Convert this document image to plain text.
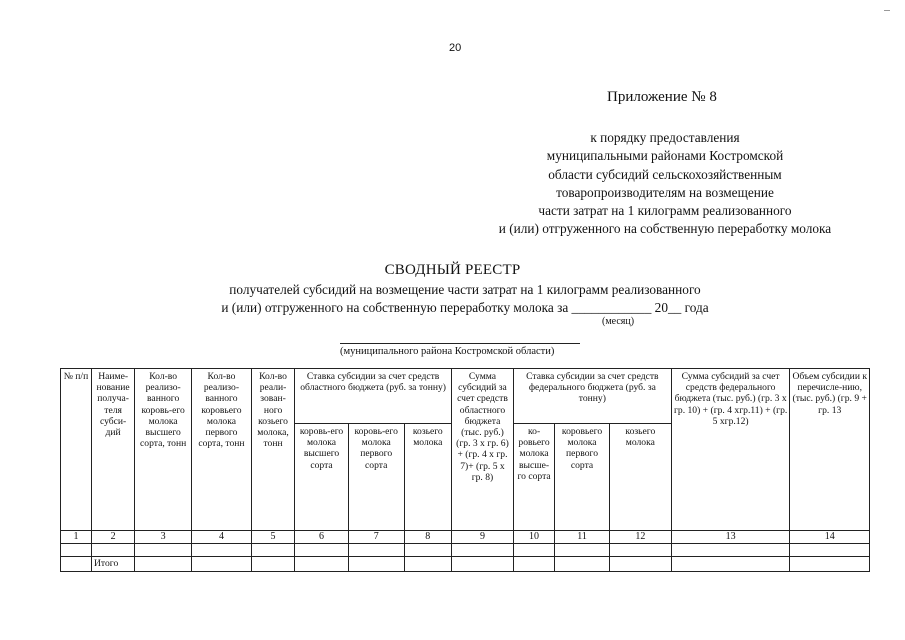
20
Приложение № 8
к порядку предоставления
муниципальными районами Костромской
области субсидий сельскохозяйственным
товаропроизводителям на возмещение
части затрат на 1 килограмм реализованного
и (или) отгруженного на собственную переработку молока
СВОДНЫЙ РЕЕСТР
получателей субсидий на возмещение части затрат на 1 килограмм реализованного
и (или) отгруженного на собственную переработку молока за ____________ 20__ года
(месяц)
(муниципального района Костромской области)
№ п/п	Наиме-нование получа-теля субси-дий	Кол-во реализо-ванного коровь-его молока высшего сорта, тонн	Кол-во реализо-ванного коровьего молока первого сорта, тонн	Кол-во реали-зован-ного козьего молока, тонн	Ставка субсидии за счет средств областного бюджета (руб. за тонну)			Сумма субсидий за счет средств областного бюджета (тыс. руб.) (гр. 3 х гр. 6) + (гр. 4 х гр. 7)+ (гр. 5 х гр. 8)	Ставка субсидии за счет средств федерального бюджета (руб. за тонну)			Сумма субсидий за счет средств федерального бюджета (тыс. руб.) (гр. 3 х гр. 10) + (гр. 4 хгр.11) + (гр. 5 хгр.12)	Объем субсидии к перечисле-нию, (тыс. руб.) (гр. 9 + гр. 13
					коровь-его молока высшего сорта	коровь-его молока первого сорта	козьего молока		ко-ровьего молока высше-го сорта	коровьего молока первого сорта	козьего молока		
1	2	3	4	5	6	7	8	9	10	11	12	13	14

	Итого												
